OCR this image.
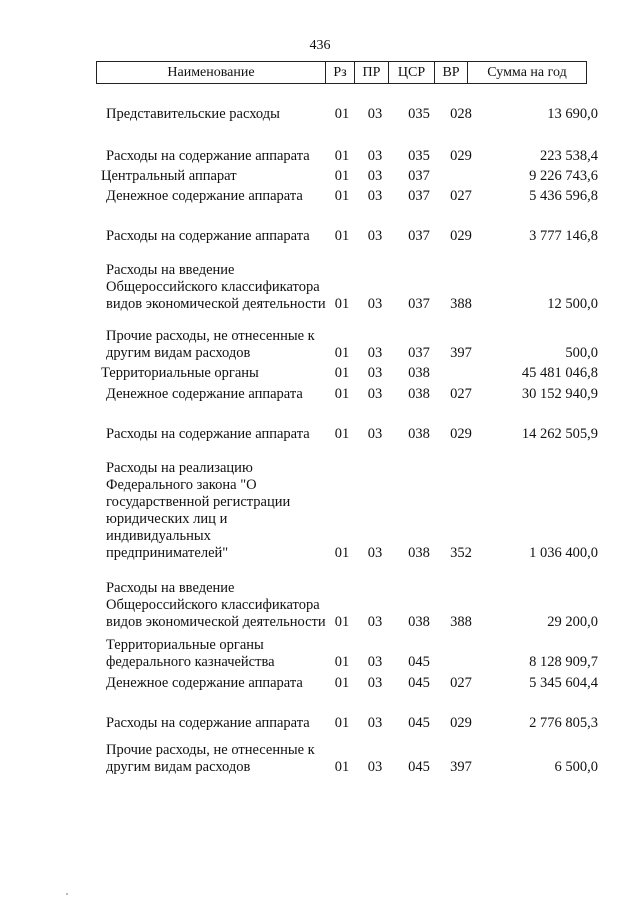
436
Наименование	Рз	ПР	ЦСР	ВР	Сумма на год
Представительские расходы	01 03 035 028	13 690,0
Расходы на содержание аппарата	01 03 035 029	223 538,4
Центральный аппарат	01 03 037	9 226 743,6
Денежное содержание аппарата	01 03 037 027	5 436 596,8
Расходы на содержание аппарата	01 03 037 029	3 777 146,8
Расходы на введение
Общероссийского классификатора
видов экономической деятельности 01 03 037 388	12 500,0
Прочие расходы, не отнесенные к
другим видам расходов	01 03 037 397	500,0
Территориальные органы	01 03 038	45 481 046,8
Денежное содержание аппарата	01 03 038 027	30 152 940,9
Расходы на содержание аппарата	01 03 038 029	14 262 505,9
Расходы на реализацию
Федерального закона "О
государственной регистрации
юридических лиц и
индивидуальных
предпринимателей"	01 03 038 352	1 036 400,0
Расходы на введение
Общероссийского классификатора
видов экономической деятельности 01 03 038 388	29 200,0
Территориальные органы
федерального казначейства	01 03 045	8 128 909,7
Денежное содержание аппарата	01 03 045 027	5 345 604,4
Расходы на содержание аппарата	01 03 045 029	2 776 805,3
Прочие расходы, не отнесенные к
другим видам расходов	01 03 045 397	6 500,0
